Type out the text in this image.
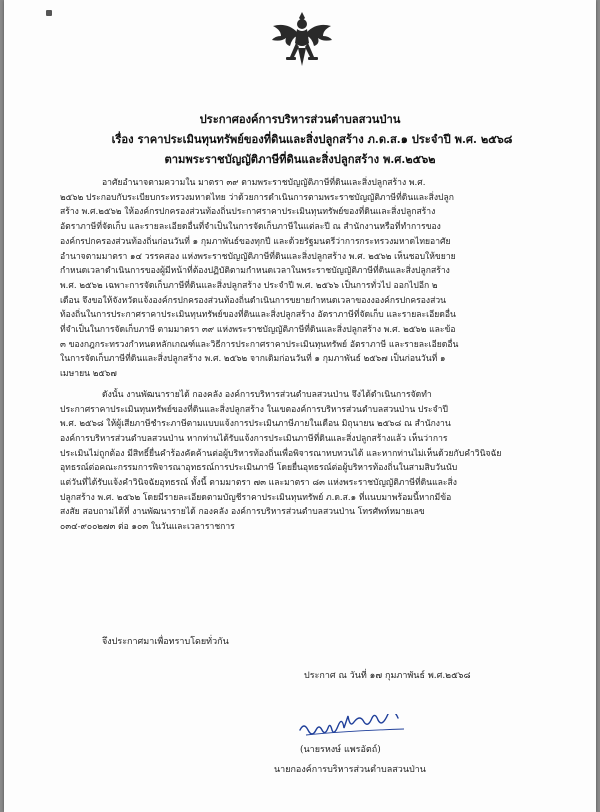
ประกาศองค์การบริหารส่วนตำบลสวนป่าน
เรื่อง ราคาประเมินทุนทรัพย์ของที่ดินและสิ่งปลูกสร้าง ภ.ด.ส.๑ ประจำปี พ.ศ. ๒๕๖๘
ตามพระราชบัญญัติภาษีที่ดินและสิ่งปลูกสร้าง พ.ศ.๒๕๖๒

อาศัยอำนาจตามความใน มาตรา ๓๙ ตามพระราชบัญญัติภาษีที่ดินและสิ่งปลูกสร้าง พ.ศ.
๒๕๖๒ ประกอบกับระเบียบกระทรวงมหาดไทย ว่าด้วยการดำเนินการตามพระราชบัญญัติภาษีที่ดินและสิ่งปลูก
สร้าง พ.ศ.๒๕๖๒ ให้องค์กรปกครองส่วนท้องถิ่นประกาศราคาประเมินทุนทรัพย์ของที่ดินและสิ่งปลูกสร้าง
อัตราภาษีที่จัดเก็บ และรายละเอียดอื่นที่จำเป็นในการจัดเก็บภาษีในแต่ละปี ณ สำนักงานหรือที่ทำการของ
องค์กรปกครองส่วนท้องถิ่นก่อนวันที่ ๑ กุมภาพันธ์ของทุกปี และด้วยรัฐมนตรีว่าการกระทรวงมหาดไทยอาศัย
อำนาจตามมาตรา ๑๔ วรรคสอง แห่งพระราชบัญญัติภาษีที่ดินและสิ่งปลูกสร้าง พ.ศ. ๒๕๖๒ เห็นชอบให้ขยาย
กำหนดเวลาดำเนินการของผู้มีหน้าที่ต้องปฏิบัติตามกำหนดเวลาในพระราชบัญญัติภาษีที่ดินและสิ่งปลูกสร้าง
พ.ศ. ๒๕๖๒ เฉพาะการจัดเก็บภาษีที่ดินและสิ่งปลูกสร้าง ประจำปี พ.ศ. ๒๕๖๖ เป็นการทั่วไป ออกไปอีก ๒
เดือน จึงขอให้จังหวัดแจ้งองค์กรปกครองส่วนท้องถิ่นดำเนินการขยายกำหนดเวลาของงองค์กรปกครองส่วน
ท้องถิ่นในการประกาศราคาประเมินทุนทรัพย์ของที่ดินและสิ่งปลูกสร้าง อัตราภาษีที่จัดเก็บ และรายละเอียดอื่น
ที่จำเป็นในการจัดเก็บภาษี ตามมาตรา ๓๙ แห่งพระราชบัญญัติภาษีที่ดินและสิ่งปลูกสร้าง พ.ศ. ๒๕๖๒ และข้อ
๓ ของกฎกระทรวงกำหนดหลักเกณฑ์และวิธีการประกาศราคาประเมินทุนทรัพย์ อัตราภาษี และรายละเอียดอื่น
ในการจัดเก็บภาษีที่ดินและสิ่งปลูกสร้าง พ.ศ. ๒๕๖๒ จากเดิมก่อนวันที่ ๑ กุมภาพันธ์ ๒๕๖๗ เป็นก่อนวันที่ ๑
เมษายน ๒๕๖๗

ดังนั้น งานพัฒนารายได้ กองคลัง องค์การบริหารส่วนตำบลสวนป่าน จึงได้ดำเนินการจัดทำ
ประกาศราคาประเมินทุนทรัพย์ของที่ดินและสิ่งปลูกสร้าง ในเขตองค์การบริหารส่วนตำบลสวนป่าน ประจำปี
พ.ศ. ๒๕๖๘ ให้ผู้เสียภาษีชำระภาษีตามแบบแจ้งการประเมินภาษีภายในเดือน มิถุนายน ๒๕๖๘ ณ สำนักงาน
องค์การบริหารส่วนตำบลสวนป่าน หากท่านได้รับแจ้งการประเมินภาษีที่ดินและสิ่งปลูกสร้างแล้ว เห็นว่าการ
ประเมินไม่ถูกต้อง มีสิทธิ์ยื่นคำร้องคัดค้านต่อผู้บริหารท้องถิ่นเพื่อพิจารณาทบทวนได้ และหากท่านไม่เห็นด้วยกับคำวินิจฉัย
อุทธรณ์ต่อคณะกรรมการพิจารณาอุทธรณ์การประเมินภาษี โดยยื่นอุทธรณ์ต่อผู้บริหารท้องถิ่นในสามสิบวันนับ
แต่วันที่ได้รับแจ้งคำวินิจฉัยอุทธรณ์ ทั้งนี้ ตามมาตรา ๗๓ และมาตรา ๘๓ แห่งพระราชบัญญัติภาษีที่ดินและสิ่ง
ปลูกสร้าง พ.ศ. ๒๕๖๒ โดยมีรายละเอียดตามบัญชีราคาประเมินทุนทรัพย์ ภ.ด.ส.๑ ที่แนบมาพร้อมนี้หากมีข้อ
สงสัย สอบถามได้ที่ งานพัฒนารายได้ กองคลัง องค์การบริหารส่วนตำบลสวนป่าน โทรศัพท์หมายเลข
๐๓๔-๙๐๐๒๗๓ ต่อ ๑๐๓ ในวันและเวลาราชการ

จึงประกาศมาเพื่อทราบโดยทั่วกัน
ประกาศ ณ วันที่ ๑๗ กุมภาพันธ์ พ.ศ.๒๕๖๘
(นายรหงษ์ แพรอัตถ์)
นายกองค์การบริหารส่วนตำบลสวนป่าน
